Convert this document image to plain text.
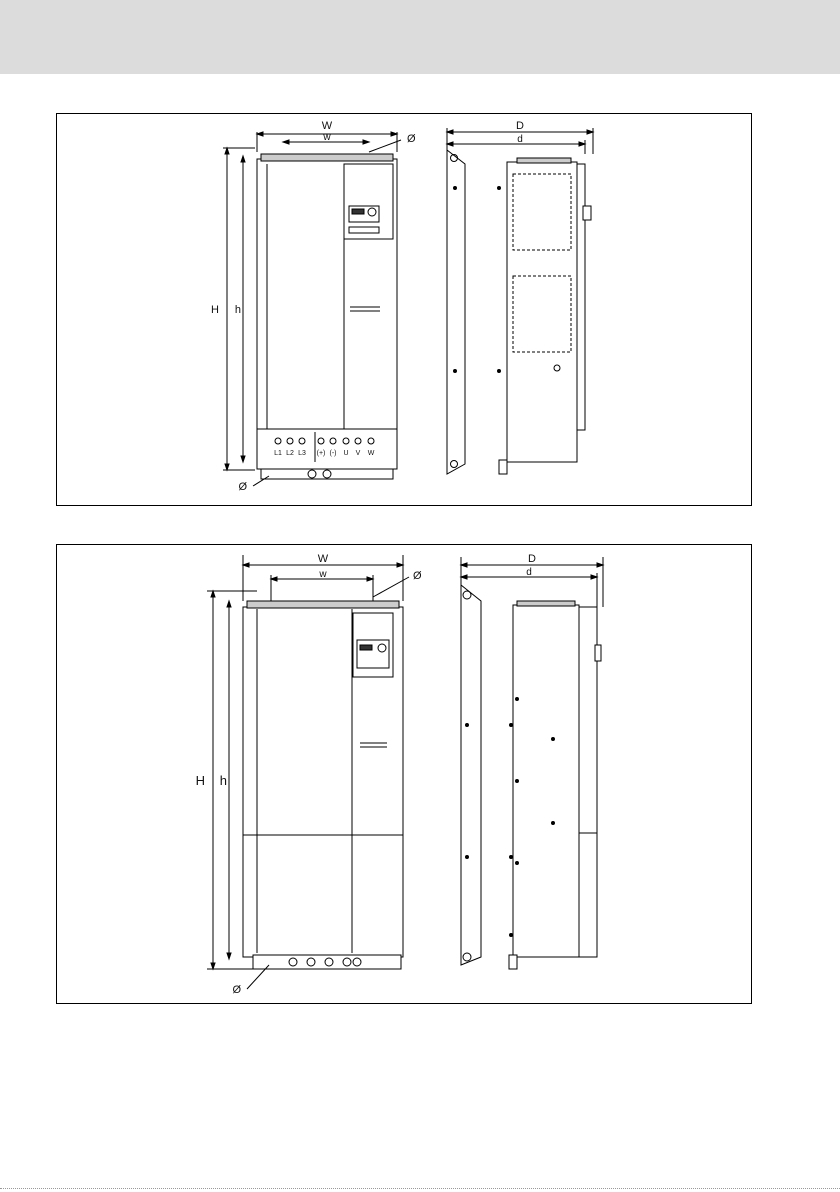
W
w	Ø
H h
L1 L2 L3 (+) (-) U V W
Ø
D
d
W
w	Ø
H h
Ø
D
d
